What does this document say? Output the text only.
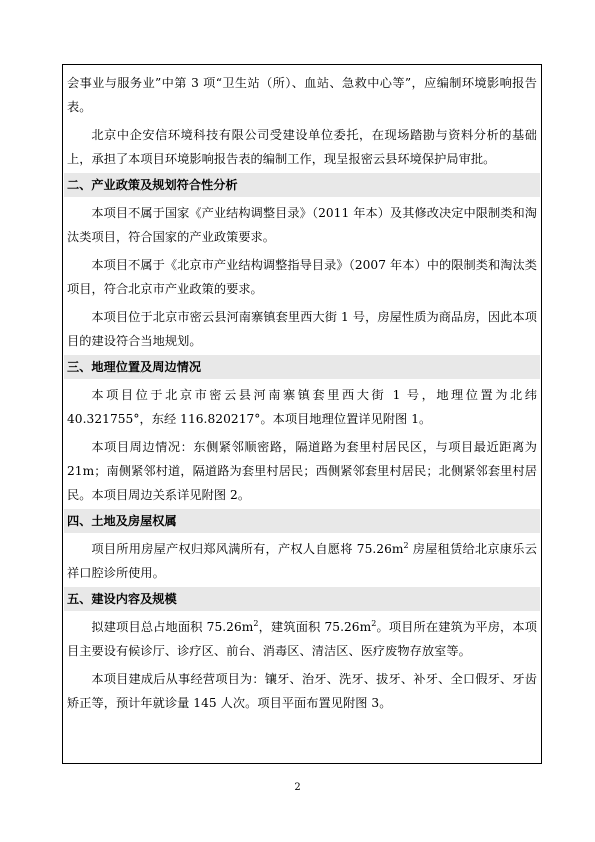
会事业与服务业”中第 3 项“卫生站（所）、血站、急救中心等”，应编制环境影响报告表。

北京中企安信环境科技有限公司受建设单位委托，在现场踏勘与资料分析的基础上，承担了本项目环境影响报告表的编制工作，现呈报密云县环境保护局审批。

二、产业政策及规划符合性分析

本项目不属于国家《产业结构调整目录》（2011 年本）及其修改决定中限制类和淘汰类项目，符合国家的产业政策要求。

本项目不属于《北京市产业结构调整指导目录》（2007 年本）中的限制类和淘汰类项目，符合北京市产业政策的要求。

本项目位于北京市密云县河南寨镇套里西大街 1 号，房屋性质为商品房，因此本项目的建设符合当地规划。

三、地理位置及周边情况

本项目位于北京市密云县河南寨镇套里西大街 1 号，地理位置为北纬 40.321755°，东经 116.820217°。本项目地理位置详见附图 1。

本项目周边情况：东侧紧邻顺密路，隔道路为套里村居民区，与项目最近距离为 21m；南侧紧邻村道，隔道路为套里村居民；西侧紧邻套里村居民；北侧紧邻套里村居民。本项目周边关系详见附图 2。

四、土地及房屋权属

项目所用房屋产权归郑风满所有，产权人自愿将 $75.26m^2$ 房屋租赁给北京康乐云祥口腔诊所使用。

五、建设内容及规模

拟建项目总占地面积 $75.26m^2$，建筑面积 $75.26m^2$。项目所在建筑为平房，本项目主要设有候诊厅、诊疗区、前台、消毒区、清洁区、医疗废物存放室等。

本项目建成后从事经营项目为：镶牙、治牙、洗牙、拔牙、补牙、全口假牙、牙齿矫正等，预计年就诊量 145 人次。项目平面布置见附图 3。

2
